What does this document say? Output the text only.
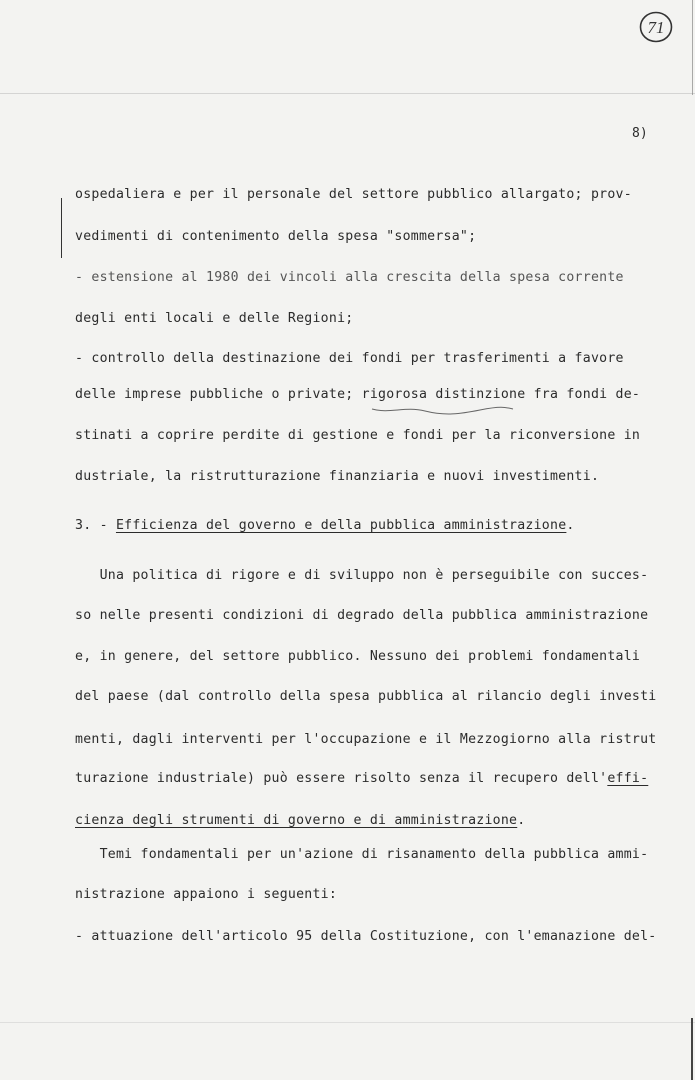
71
8)
ospedaliera e per il personale del settore pubblico allargato; prov-
vedimenti di contenimento della spesa "sommersa";
- estensione al 1980 dei vincoli alla crescita della spesa corrente
degli enti locali e delle Regioni;
- controllo della destinazione dei fondi per trasferimenti a favore
delle imprese pubbliche o private; rigorosa distinzione fra fondi de-
stinati a coprire perdite di gestione e fondi per la riconversione in
dustriale, la ristrutturazione finanziaria e nuovi investimenti.
3. - Efficienza del governo e della pubblica amministrazione.
Una politica di rigore e di sviluppo non è perseguibile con succes-
so nelle presenti condizioni di degrado della pubblica amministrazione
e, in genere, del settore pubblico. Nessuno dei problemi fondamentali
del paese (dal controllo della spesa pubblica al rilancio degli investi
menti, dagli interventi per l'occupazione e il Mezzogiorno alla ristrut
turazione industriale) può essere risolto senza il recupero dell'effi-
cienza degli strumenti di governo e di amministrazione.
Temi fondamentali per un'azione di risanamento della pubblica ammi-
nistrazione appaiono i seguenti:
- attuazione dell'articolo 95 della Costituzione, con l'emanazione del-
